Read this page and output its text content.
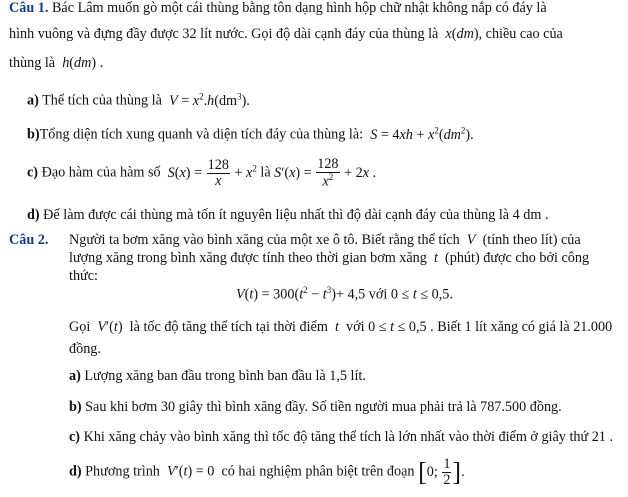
Câu 1. Bác Lâm muốn gò một cái thùng bằng tôn dạng hình hộp chữ nhật không nắp có đáy là
hình vuông và đựng đầy được 32 lít nước. Gọi độ dài cạnh đáy của thùng là x(dm), chiều cao của
thùng là h(dm) .
a) Thể tích của thùng là $V = x^2.h(dm^3)$.
b)Tổng diện tích xung quanh và diện tích đáy của thùng là: $S = 4xh + x^2(dm^2)$.
c) Đạo hàm của hàm số $S(x) = \frac{128}{x} + x^2$ là $S'(x) = \frac{128}{x^2} + 2x$ .
d) Để làm được cái thùng mà tốn ít nguyên liệu nhất thì độ dài cạnh đáy của thùng là 4 dm .
Câu 2. Người ta bơm xăng vào bình xăng của một xe ô tô. Biết rằng thể tích V (tính theo lít) của
lượng xăng trong bình xăng được tính theo thời gian bơm xăng t (phút) được cho bởi công
thức:
$V(t) = 300(t^2 - t^3)+ 4,5$ với 0 ≤ t ≤ 0,5.
Gọi V′(t)  là tốc độ tăng thể tích tại thời điểm t với 0 ≤ t ≤ 0,5 . Biết 1 lít xăng có giá là 21.000
đồng.
a) Lượng xăng ban đầu trong bình ban đầu là 1,5 lít.
b) Sau khi bơm 30 giây thì bình xăng đầy. Số tiền người mua phải trả là 787.500 đồng.
c) Khi xăng chảy vào bình xăng thì tốc độ tăng thể tích là lớn nhất vào thời điểm ở giây thứ 21 .
d) Phương trình V′(t) = 0  có hai nghiệm phân biệt trên đoạn [0; $\frac{1}{2}$ ].
